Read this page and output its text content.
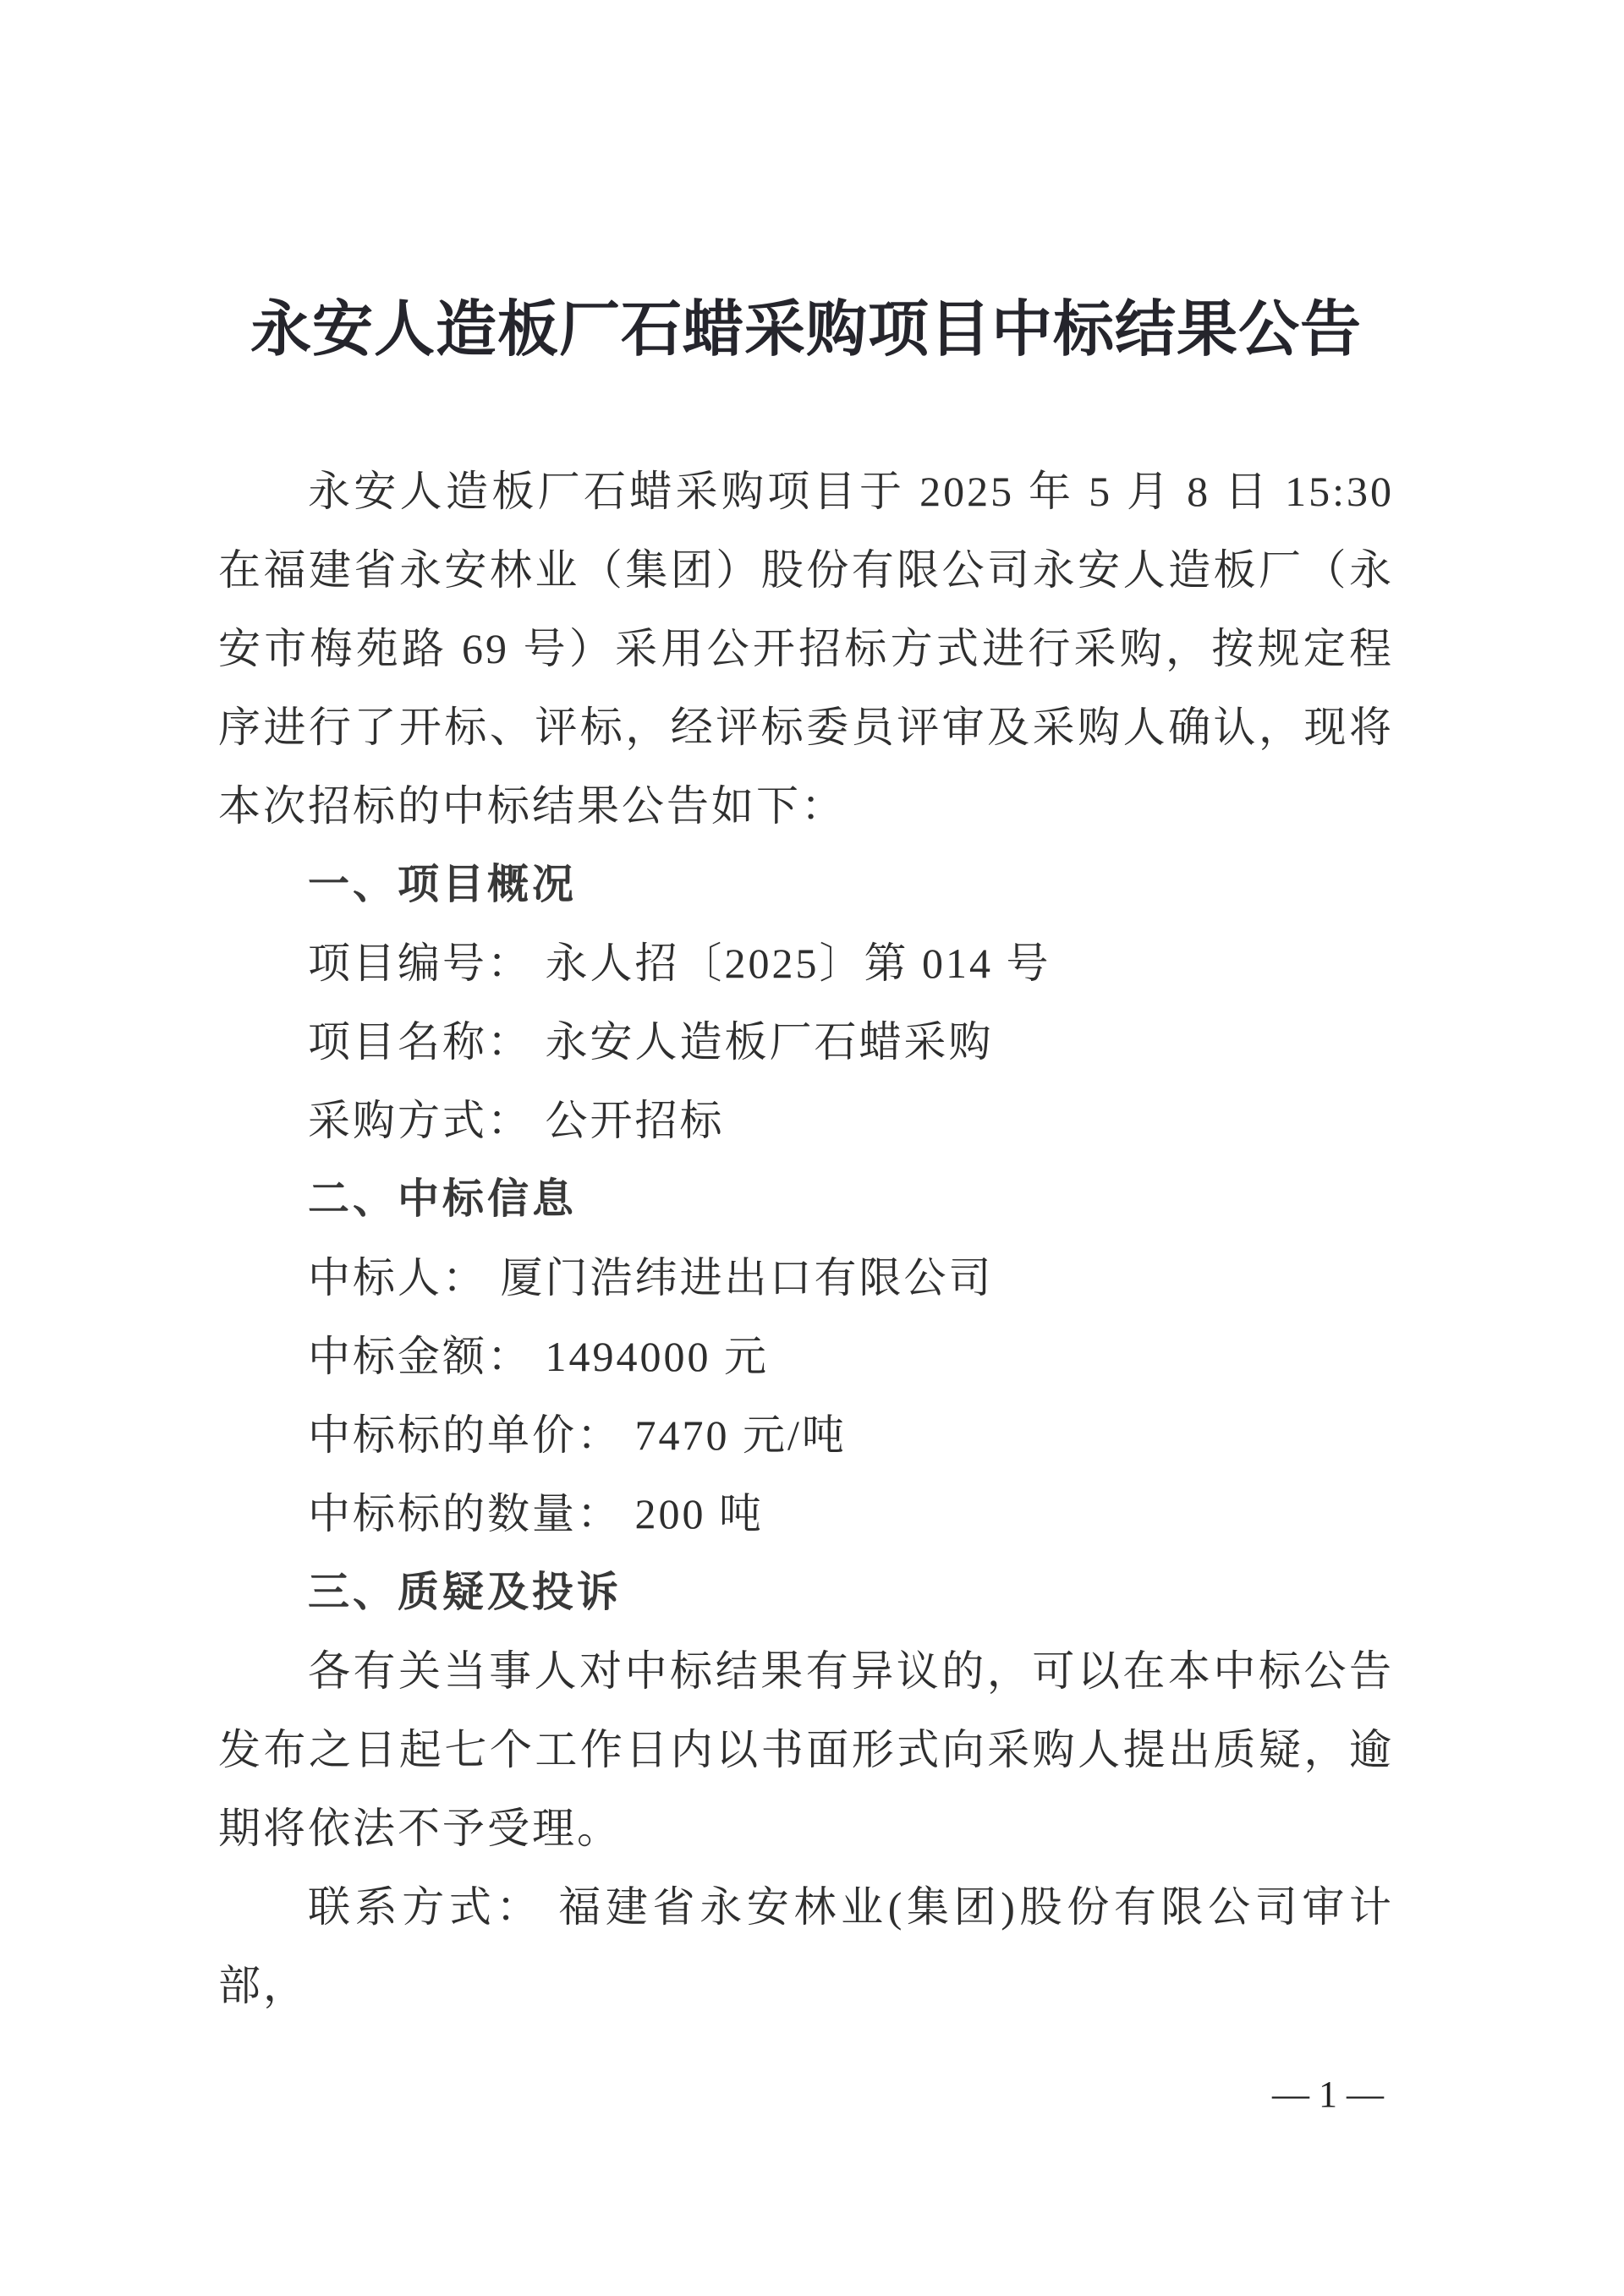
永安人造板厂石蜡采购项目中标结果公告

永安人造板厂石蜡采购项目于 2025 年 5 月 8 日 15:30 在福建省永安林业（集团）股份有限公司永安人造板厂（永安市梅苑路 69 号）采用公开招标方式进行采购，按规定程序进行了开标、评标，经评标委员评审及采购人确认，现将本次招标的中标结果公告如下：

一、项目概况

项目编号： 永人招〔2025〕第 014 号

项目名称： 永安人造板厂石蜡采购

采购方式： 公开招标

二、中标信息

中标人： 厦门浩纬进出口有限公司

中标金额： 1494000 元

中标标的单价： 7470 元/吨

中标标的数量： 200 吨

三、质疑及投诉

各有关当事人对中标结果有异议的，可以在本中标公告发布之日起七个工作日内以书面形式向采购人提出质疑，逾期将依法不予受理。

联系方式： 福建省永安林业(集团)股份有限公司审计部，

— 1 —
